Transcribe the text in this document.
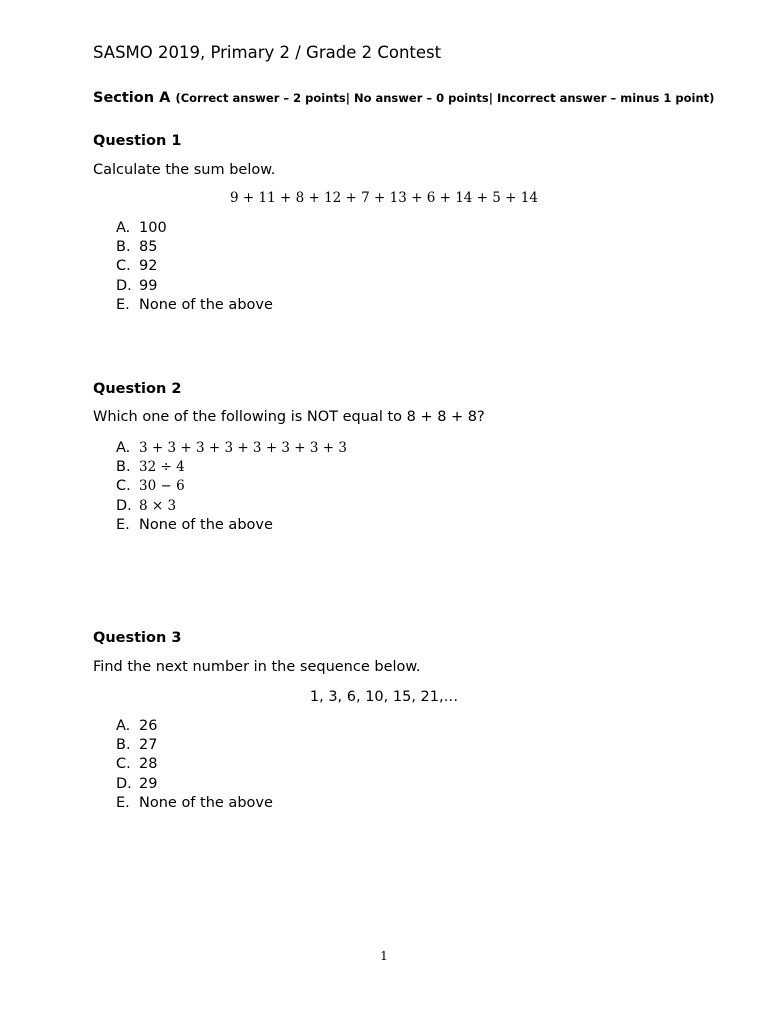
SASMO 2019, Primary 2 / Grade 2 Contest
Section A (Correct answer – 2 points| No answer – 0 points| Incorrect answer – minus 1 point)
Question 1
Calculate the sum below.
9 + 11 + 8 + 12 + 7 + 13 + 6 + 14 + 5 + 14
A. 100
B. 85
C. 92
D. 99
E. None of the above
Question 2
Which one of the following is NOT equal to 8 + 8 + 8?
A. 3 + 3 + 3 + 3 + 3 + 3 + 3 + 3
B. 32 ÷ 4
C. 30 − 6
D. 8 × 3
E. None of the above
Question 3
Find the next number in the sequence below.
1, 3, 6, 10, 15, 21,…
A. 26
B. 27
C. 28
D. 29
E. None of the above
1
